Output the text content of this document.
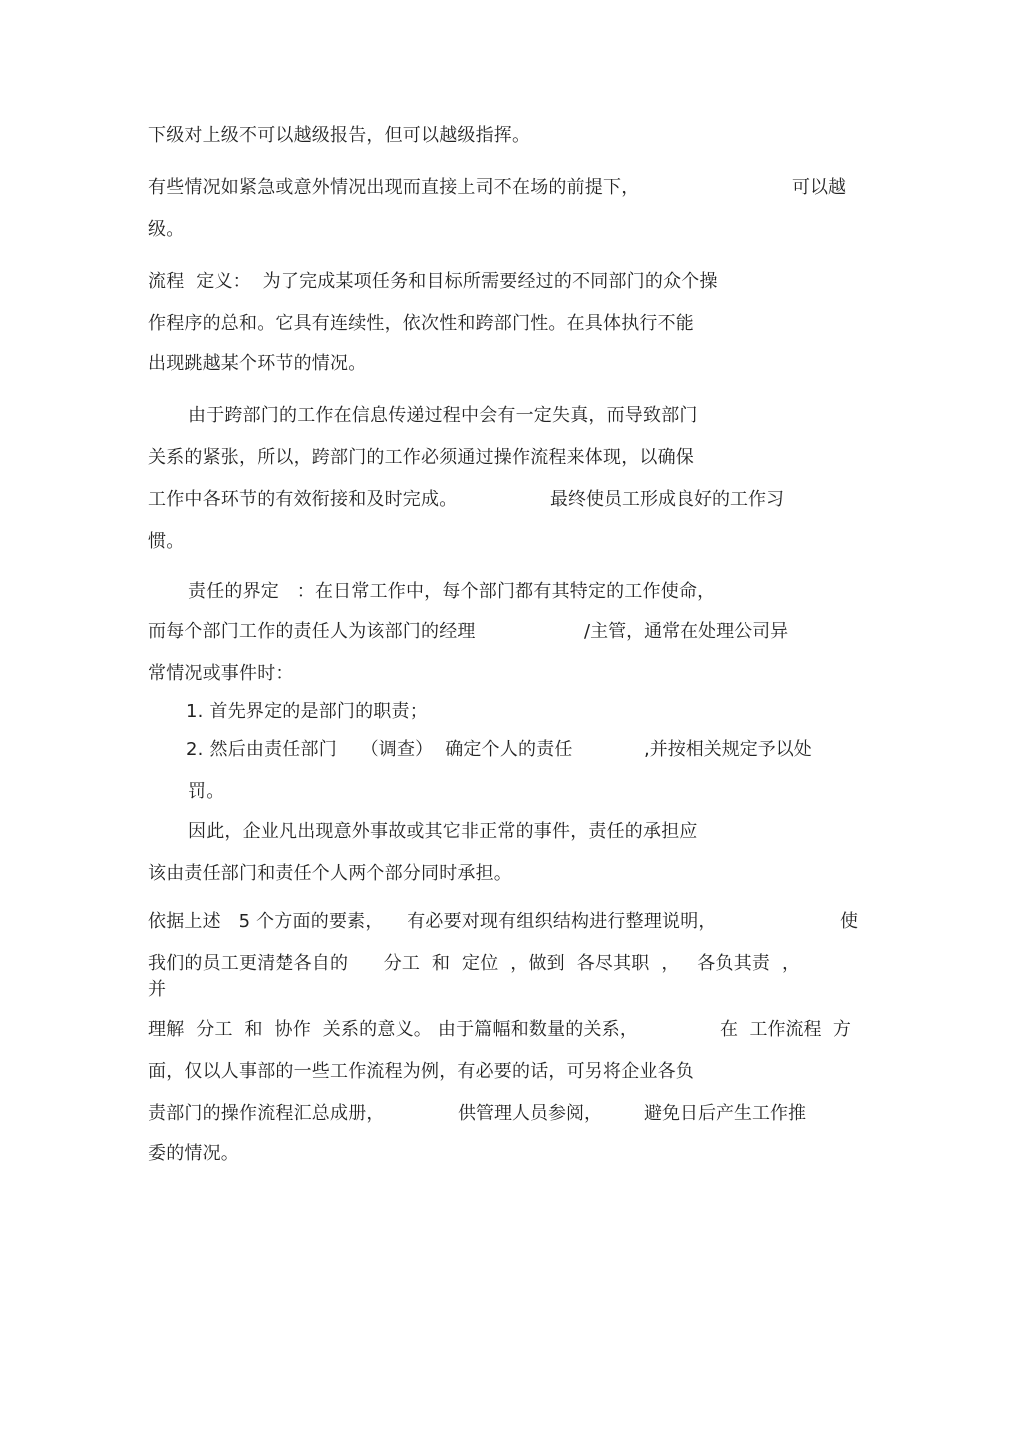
下级对上级不可以越级报告，但可以越级指挥。
有些情况如紧急或意外情况出现而直接上司不在场的前提下，	可以越
级。
流程  定义：  为了完成某项任务和目标所需要经过的不同部门的众个操
作程序的总和。它具有连续性，依次性和跨部门性。在具体执行不能
出现跳越某个环节的情况。
由于跨部门的工作在信息传递过程中会有一定失真，而导致部门
关系的紧张，所以，跨部门的工作必须通过操作流程来体现，以确保
工作中各环节的有效衔接和及时完成。	最终使员工形成良好的工作习
惯。
责任的界定   ：在日常工作中，每个部门都有其特定的工作使命，
而每个部门工作的责任人为该部门的经理	/主管，通常在处理公司异
常情况或事件时：
1. 首先界定的是部门的职责；
2. 然后由责任部门    （调查）  确定个人的责任	,并按相关规定予以处
罚。
因此，企业凡出现意外事故或其它非正常的事件，责任的承担应
该由责任部门和责任个人两个部分同时承担。
依据上述   5 个方面的要素，    有必要对现有组织结构进行整理说明，	使
我们的员工更清楚各自的      分工  和  定位  ，做到  各尽其职  ，   各负其责  ，
并
理解  分工  和  协作  关系的意义。 由于篇幅和数量的关系，	在  工作流程  方
面，仅以人事部的一些工作流程为例，有必要的话，可另将企业各负
责部门的操作流程汇总成册，	供管理人员参阅， 避免日后产生工作推
委的情况。
